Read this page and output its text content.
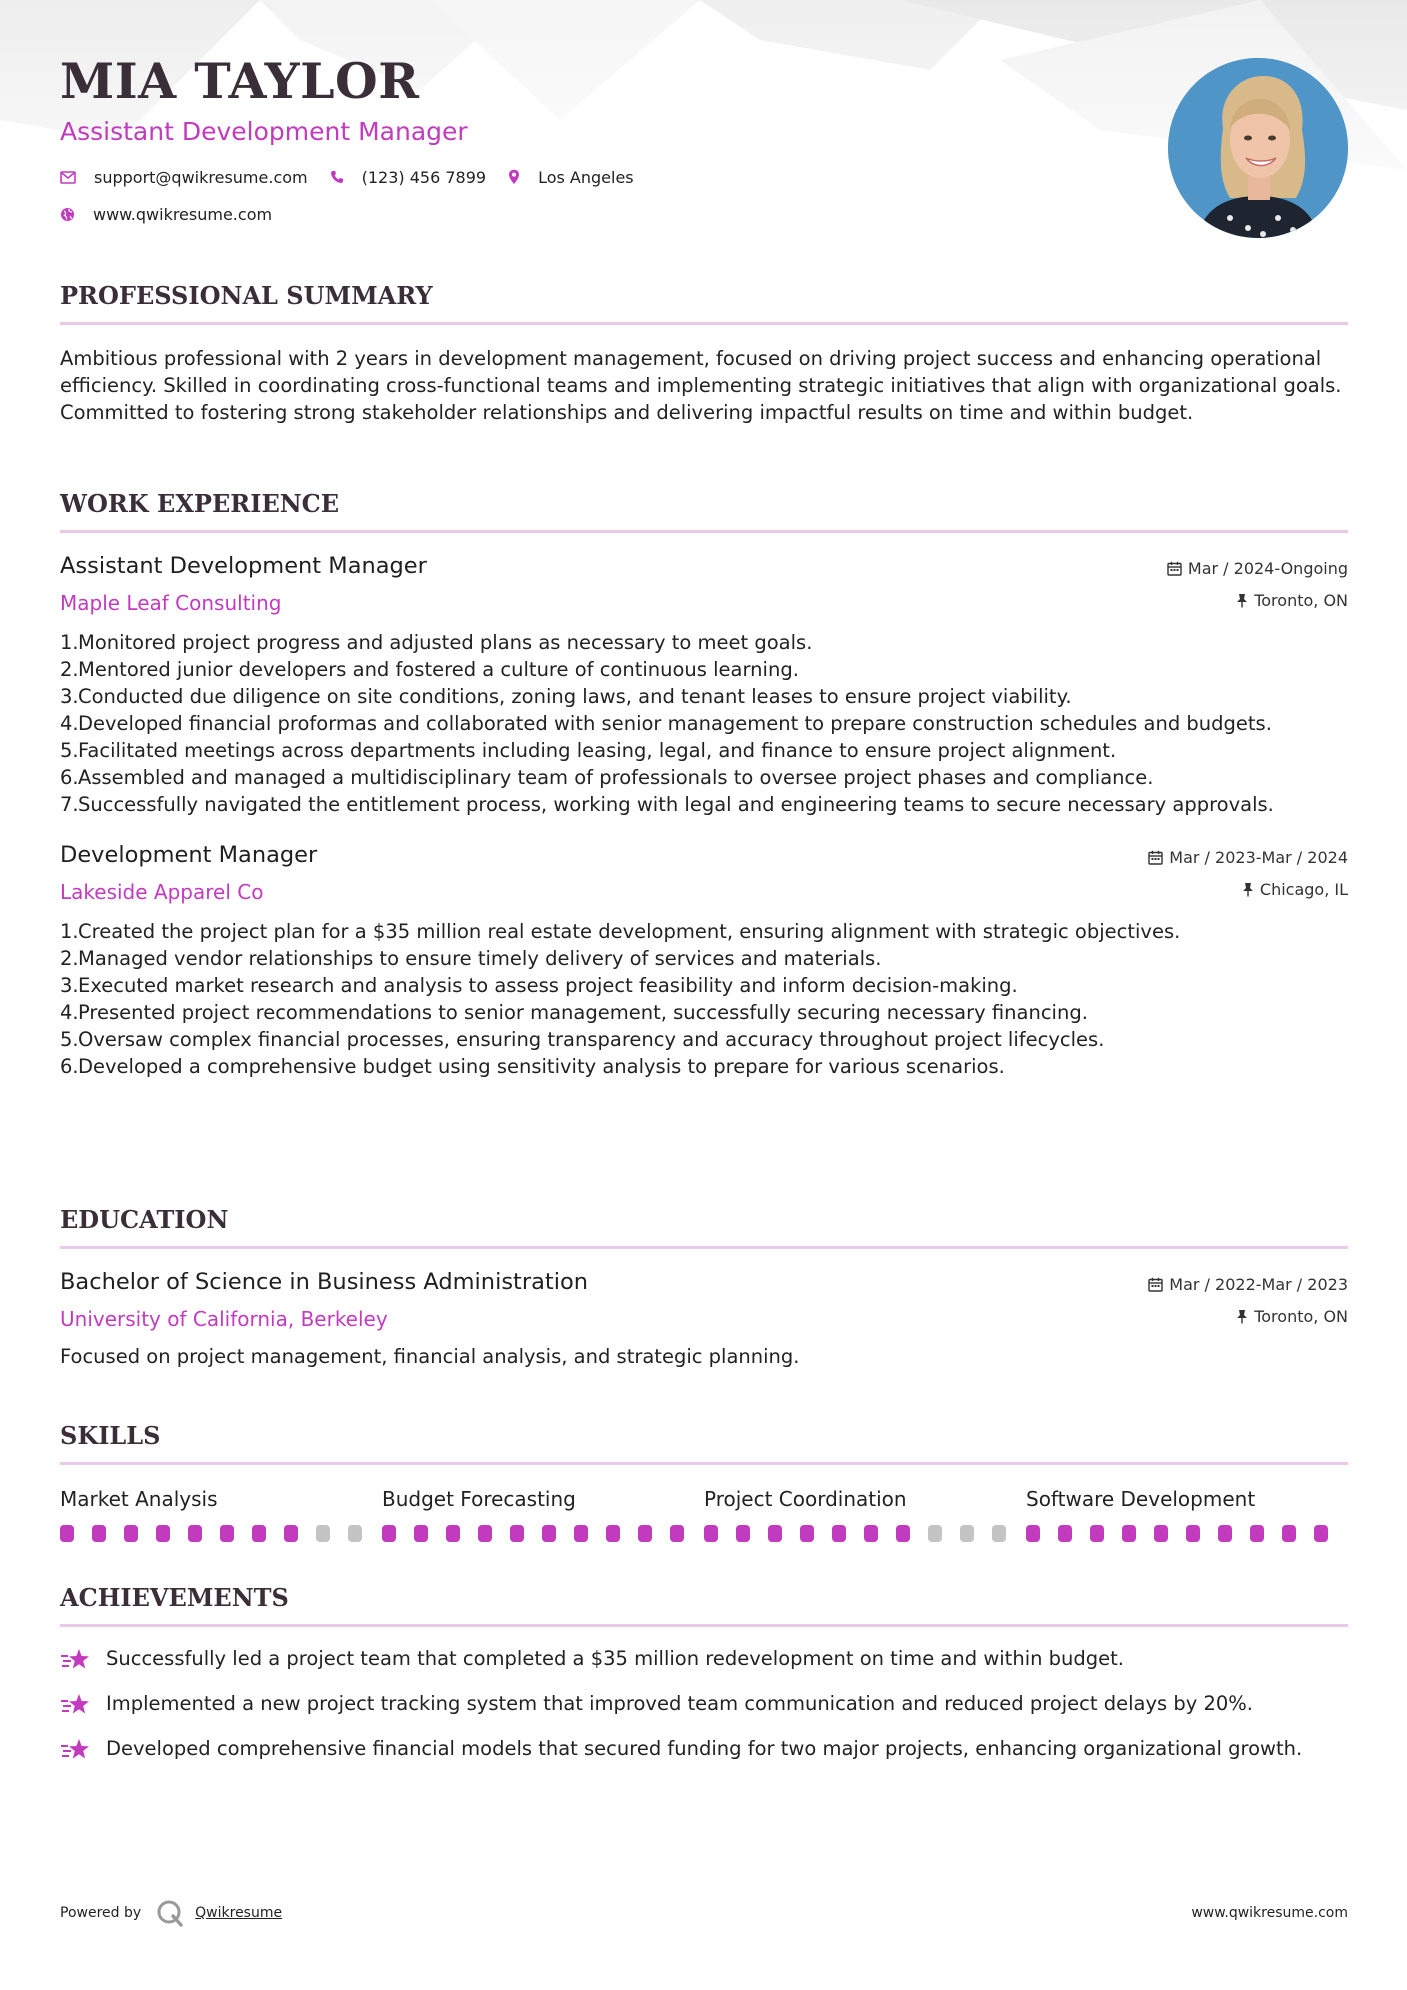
MIA TAYLOR
Assistant Development Manager
support@qwikresume.com	(123) 456 7899	Los Angeles
www.qwikresume.com
PROFESSIONAL SUMMARY
Ambitious professional with 2 years in development management, focused on driving project success and enhancing operational efficiency. Skilled in coordinating cross-functional teams and implementing strategic initiatives that align with organizational goals. Committed to fostering strong stakeholder relationships and delivering impactful results on time and within budget.
WORK EXPERIENCE
Assistant Development Manager
Maple Leaf Consulting
Mar / 2024-Ongoing
Toronto, ON
1. Monitored project progress and adjusted plans as necessary to meet goals.
2. Mentored junior developers and fostered a culture of continuous learning.
3. Conducted due diligence on site conditions, zoning laws, and tenant leases to ensure project viability.
4. Developed financial proformas and collaborated with senior management to prepare construction schedules and budgets.
5. Facilitated meetings across departments including leasing, legal, and finance to ensure project alignment.
6. Assembled and managed a multidisciplinary team of professionals to oversee project phases and compliance.
7. Successfully navigated the entitlement process, working with legal and engineering teams to secure necessary approvals.
Development Manager
Lakeside Apparel Co
Mar / 2023-Mar / 2024
Chicago, IL
1. Created the project plan for a $35 million real estate development, ensuring alignment with strategic objectives.
2. Managed vendor relationships to ensure timely delivery of services and materials.
3. Executed market research and analysis to assess project feasibility and inform decision-making.
4. Presented project recommendations to senior management, successfully securing necessary financing.
5. Oversaw complex financial processes, ensuring transparency and accuracy throughout project lifecycles.
6. Developed a comprehensive budget using sensitivity analysis to prepare for various scenarios.
EDUCATION
Bachelor of Science in Business Administration
University of California, Berkeley
Mar / 2022-Mar / 2023
Toronto, ON
Focused on project management, financial analysis, and strategic planning.
SKILLS
Market Analysis	Budget Forecasting	Project Coordination	Software Development
ACHIEVEMENTS
Successfully led a project team that completed a $35 million redevelopment on time and within budget.
Implemented a new project tracking system that improved team communication and reduced project delays by 20%.
Developed comprehensive financial models that secured funding for two major projects, enhancing organizational growth.
Powered by	Qwikresume	www.qwikresume.com
